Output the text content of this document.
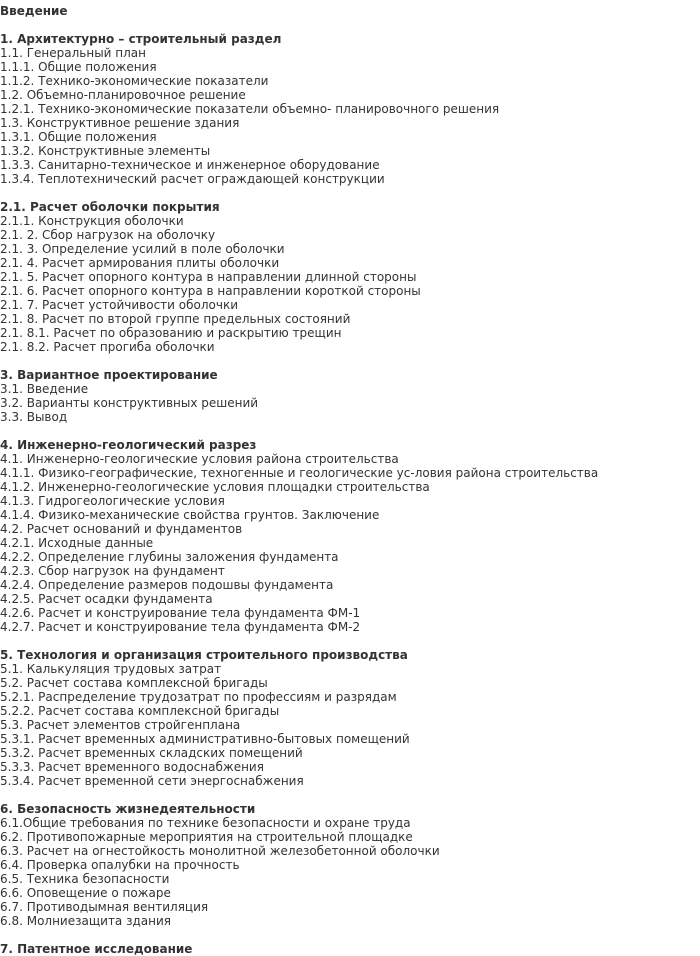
Введение
1. Архитектурно – строительный раздел
1.1. Генеральный план
1.1.1. Общие положения
1.1.2. Технико-экономические показатели
1.2. Объемно-планировочное решение
1.2.1. Технико-экономические показатели объемно- планировочного решения
1.3. Конструктивное решение здания
1.3.1. Общие положения
1.3.2. Конструктивные элементы
1.3.3. Санитарно-техническое и инженерное оборудование
1.3.4. Теплотехнический расчет ограждающей конструкции
2.1. Расчет оболочки покрытия
2.1.1. Конструкция оболочки
2.1. 2. Сбор нагрузок на оболочку
2.1. 3. Определение усилий в поле оболочки
2.1. 4. Расчет армирования плиты оболочки
2.1. 5. Расчет опорного контура в направлении длинной стороны
2.1. 6. Расчет опорного контура в направлении короткой стороны
2.1. 7. Расчет устойчивости оболочки
2.1. 8. Расчет по второй группе предельных состояний
2.1. 8.1. Расчет по образованию и раскрытию трещин
2.1. 8.2. Расчет прогиба оболочки
3. Вариантное проектирование
3.1. Введение
3.2. Варианты конструктивных решений
3.3. Вывод
4. Инженерно-геологический разрез
4.1. Инженерно-геологические условия района строительства
4.1.1. Физико-географические, техногенные и геологические ус-ловия района строительства
4.1.2. Инженерно-геологические условия площадки строительства
4.1.3. Гидрогеологические условия
4.1.4. Физико-механические свойства грунтов. Заключение
4.2. Расчет оснований и фундаментов
4.2.1. Исходные данные
4.2.2. Определение глубины заложения фундамента
4.2.3. Сбор нагрузок на фундамент
4.2.4. Определение размеров подошвы фундамента
4.2.5. Расчет осадки фундамента
4.2.6. Расчет и конструирование тела фундамента ФМ-1
4.2.7. Расчет и конструирование тела фундамента ФМ-2
5. Технология и организация строительного производства
5.1. Калькуляция трудовых затрат
5.2. Расчет состава комплексной бригады
5.2.1. Распределение трудозатрат по профессиям и разрядам
5.2.2. Расчет состава комплексной бригады
5.3. Расчет элементов стройгенплана
5.3.1. Расчет временных административно-бытовых помещений
5.3.2. Расчет временных складских помещений
5.3.3. Расчет временного водоснабжения
5.3.4. Расчет временной сети энергоснабжения
6. Безопасность жизнедеятельности
6.1.Общие требования по технике безопасности и охране труда
6.2. Противопожарные мероприятия на строительной площадке
6.3. Расчет на огнестойкость монолитной железобетонной оболочки
6.4. Проверка опалубки на прочность
6.5. Техника безопасности
6.6. Оповещение о пожаре
6.7. Противодымная вентиляция
6.8. Молниезащита здания
7. Патентное исследование
